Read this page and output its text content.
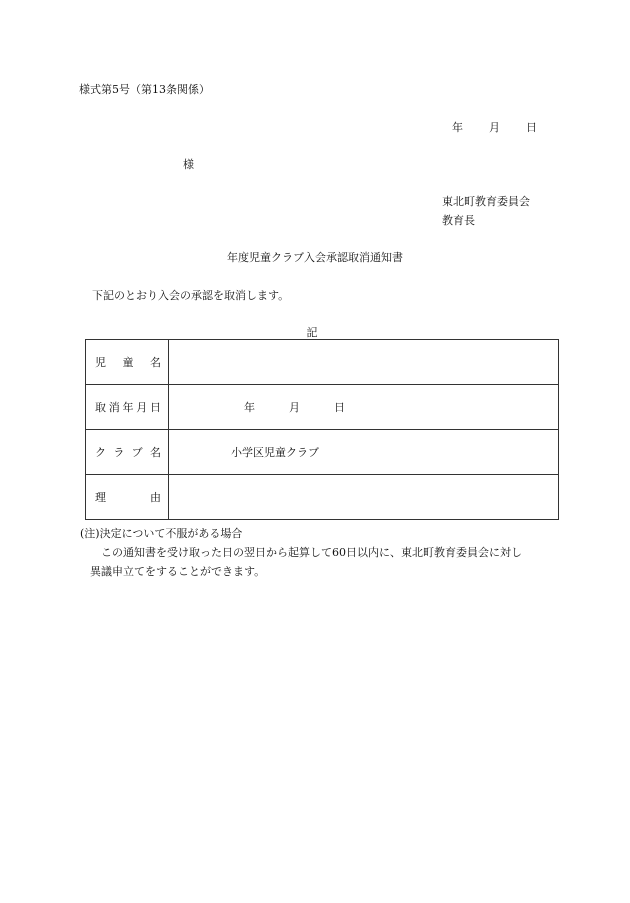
様式第5号（第13条関係）
年 月 日
様
東北町教育委員会
教育長
年度児童クラブ入会承認取消通知書
下記のとおり入会の承認を取消します。
記
児 童 名	

取 消 年 月 日	年 月 日

ク ラ ブ 名	小学区児童クラブ

理 由	

(注)決定について不服がある場合
この通知書を受け取った日の翌日から起算して60日以内に、東北町教育委員会に対し
異議申立てをすることができます。
